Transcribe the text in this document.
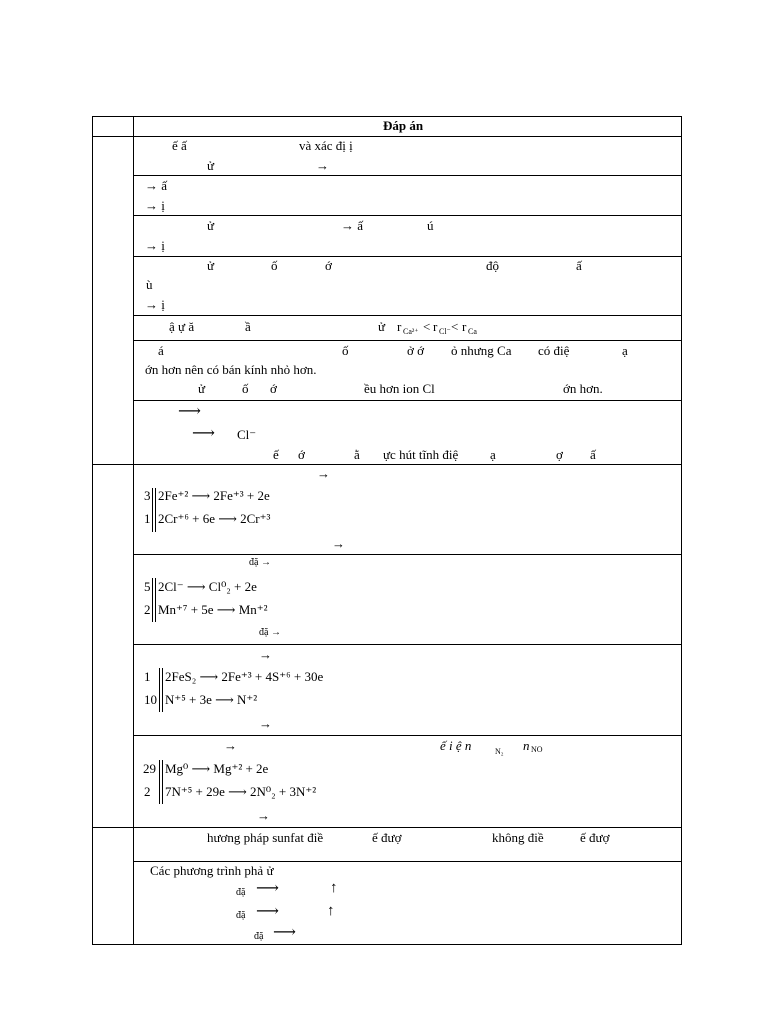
Đáp án
ế ấ	và xác đị ị
ử	→
→ ấ
→ ị
ử	→ ấ	ú
→ ị
ử	ố	ớ	độ	ấ
ù
→ ị
ậ ự ă	ầ	ử r Ca²⁺ < r Cl⁻ < r Ca
á	ố	ở ớ ỏ nhưng Ca có điệ	ạ
ớn hơn nên có bán kính nhỏ hơn.
ử	ố ớ	ều hơn ion Cl	ớn hơn.
⟶
⟶ Cl⁻
ế ớ	ằ ực hút tĩnh điệ ạ	ợ ấ
→
3 2Fe⁺² ⟶ 2Fe⁺³ + 2e
1 2Cr⁺⁶ + 6e ⟶ 2Cr⁺³
→
đặ →
5 2Cl⁻ ⟶ Cl⁰₂ + 2e
2 Mn⁺⁷ + 5e ⟶ Mn⁺²
đặ →
→
1 2FeS₂ ⟶ 2Fe⁺³ + 4S⁺⁶ + 30e
10 N⁺⁵ + 3e ⟶ N⁺²
→
→	ế i ệ n	N₂ n NO
29 Mg⁰ ⟶ Mg⁺² + 2e
2 7N⁺⁵ + 29e ⟶ 2N⁰₂ + 3N⁺²
→
hương pháp sunfat điề	ế đượ	không điề	ế đượ
Các phương trình phả ử
đặ ⟶	↑
đặ ⟶	↑
đặ ⟶
